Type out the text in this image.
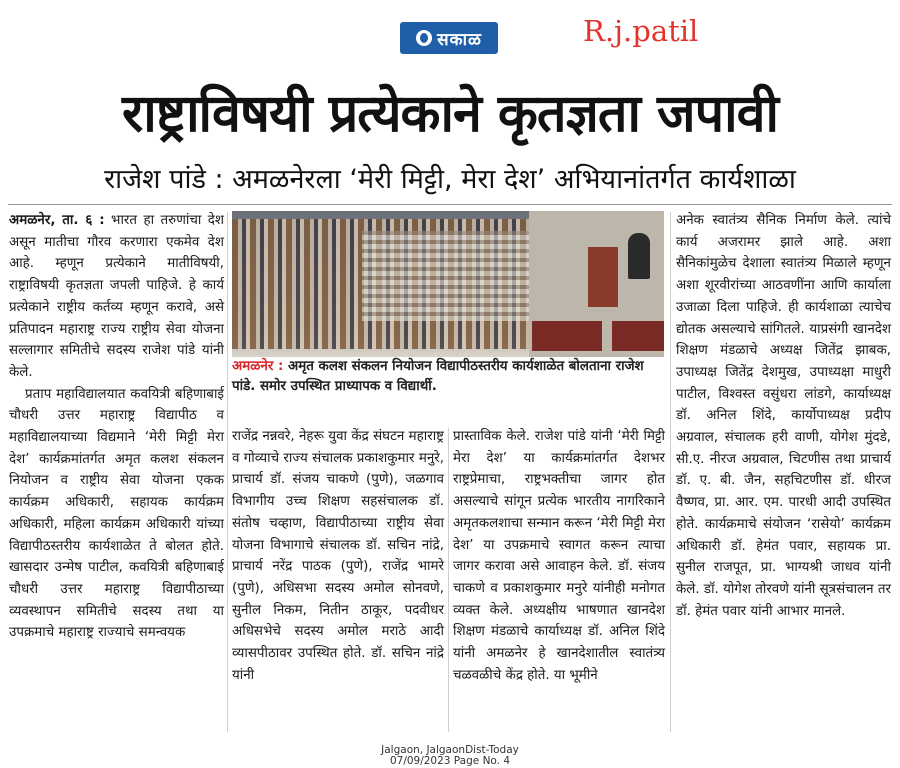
सकाळ	R.j.patil
राष्ट्राविषयी प्रत्येकाने कृतज्ञता जपावी
राजेश पांडे : अमळनेरला ‘मेरी मिट्टी, मेरा देश’ अभियानांतर्गत कार्यशाळा

अमळनेर, ता. ६ : भारत हा तरुणांचा देश असून मातीचा गौरव करणारा एकमेव देश आहे. म्हणून प्रत्येकाने मातीविषयी, राष्ट्राविषयी कृतज्ञता जपली पाहिजे. हे कार्य प्रत्येकाने राष्ट्रीय कर्तव्य म्हणून करावे, असे प्रतिपादन महाराष्ट्र राज्य राष्ट्रीय सेवा योजना सल्लागार समितीचे सदस्य राजेश पांडे यांनी केले.

प्रताप महाविद्यालयात कवयित्री बहिणाबाई चौधरी उत्तर महाराष्ट्र विद्यापीठ व महाविद्यालयाच्या विद्यमाने ‘मेरी मिट्टी मेरा देश’ कार्यक्रमांतर्गत अमृत कलश संकलन नियोजन व राष्ट्रीय सेवा योजना एकक कार्यक्रम अधिकारी, सहायक कार्यक्रम अधिकारी, महिला कार्यक्रम अधिकारी यांच्या विद्यापीठस्तरीय कार्यशाळेत ते बोलत होते. खासदार उन्मेष पाटील, कवयित्री बहिणाबाई चौधरी उत्तर महाराष्ट्र विद्यापीठाच्या व्यवस्थापन समितीचे सदस्य तथा या उपक्रमाचे महाराष्ट्र राज्याचे समन्वयक

अमळनेर : अमृत कलश संकलन नियोजन विद्यापीठस्तरीय कार्यशाळेत बोलताना राजेश पांडे. समोर उपस्थित प्राध्यापक व विद्यार्थी.

राजेंद्र नन्नवरे, नेहरू युवा केंद्र संघटन महाराष्ट्र व गोव्याचे राज्य संचालक प्रकाशकुमार मनुरे, प्राचार्य डॉ. संजय चाकणे (पुणे), जळगाव विभागीय उच्च शिक्षण सहसंचालक डॉ. संतोष चव्हाण, विद्यापीठाच्या राष्ट्रीय सेवा योजना विभागाचे संचालक डॉ. सचिन नांद्रे, प्राचार्य नरेंद्र पाठक (पुणे), राजेंद्र भामरे (पुणे), अधिसभा सदस्य अमोल सोनवणे, सुनील निकम, नितीन ठाकूर, पदवीधर अधिसभेचे सदस्य अमोल मराठे आदी व्यासपीठावर उपस्थित होते. डॉ. सचिन नांद्रे यांनी

प्रास्ताविक केले. राजेश पांडे यांनी ‘मेरी मिट्टी मेरा देश’ या कार्यक्रमांतर्गत देशभर राष्ट्रप्रेमाचा, राष्ट्रभक्तीचा जागर होत असल्याचे सांगून प्रत्येक भारतीय नागरिकाने अमृतकलशाचा सन्मान करून ‘मेरी मिट्टी मेरा देश’ या उपक्रमाचे स्वागत करून त्याचा जागर करावा असे आवाहन केले. डॉ. संजय चाकणे व प्रकाशकुमार मनुरे यांनीही मनोगत व्यक्त केले. अध्यक्षीय भाषणात खानदेश शिक्षण मंडळाचे कार्याध्यक्ष डॉ. अनिल शिंदे यांनी अमळनेर हे खानदेशातील स्वातंत्र्य चळवळीचे केंद्र होते. या भूमीने

अनेक स्वातंत्र्य सैनिक निर्माण केले. त्यांचे कार्य अजरामर झाले आहे. अशा सैनिकांमुळेच देशाला स्वातंत्र्य मिळाले म्हणून अशा शूरवीरांच्या आठवणींना आणि कार्याला उजाळा दिला पाहिजे. ही कार्यशाळा त्याचेच द्योतक असल्याचे सांगितले. याप्रसंगी खानदेश शिक्षण मंडळाचे अध्यक्ष जितेंद्र झाबक, उपाध्यक्ष जितेंद्र देशमुख, उपाध्यक्षा माधुरी पाटील, विश्वस्त वसुंधरा लांडगे, कार्याध्यक्ष डॉ. अनिल शिंदे, कार्योपाध्यक्ष प्रदीप अग्रवाल, संचालक हरी वाणी, योगेश मुंदडे, सी.ए. नीरज अग्रवाल, चिटणीस तथा प्राचार्य डॉ. ए. बी. जैन, सहचिटणीस डॉ. धीरज वैष्णव, प्रा. आर. एम. पारधी आदी उपस्थित होते. कार्यक्रमाचे संयोजन ‘रासेयो’ कार्यक्रम अधिकारी डॉ. हेमंत पवार, सहायक प्रा. सुनील राजपूत, प्रा. भाग्यश्री जाधव यांनी केले. डॉ. योगेश तोरवणे यांनी सूत्रसंचालन तर डॉ. हेमंत पवार यांनी आभार मानले.

Jalgaon, JalgaonDist-Today
07/09/2023 Page No. 4
